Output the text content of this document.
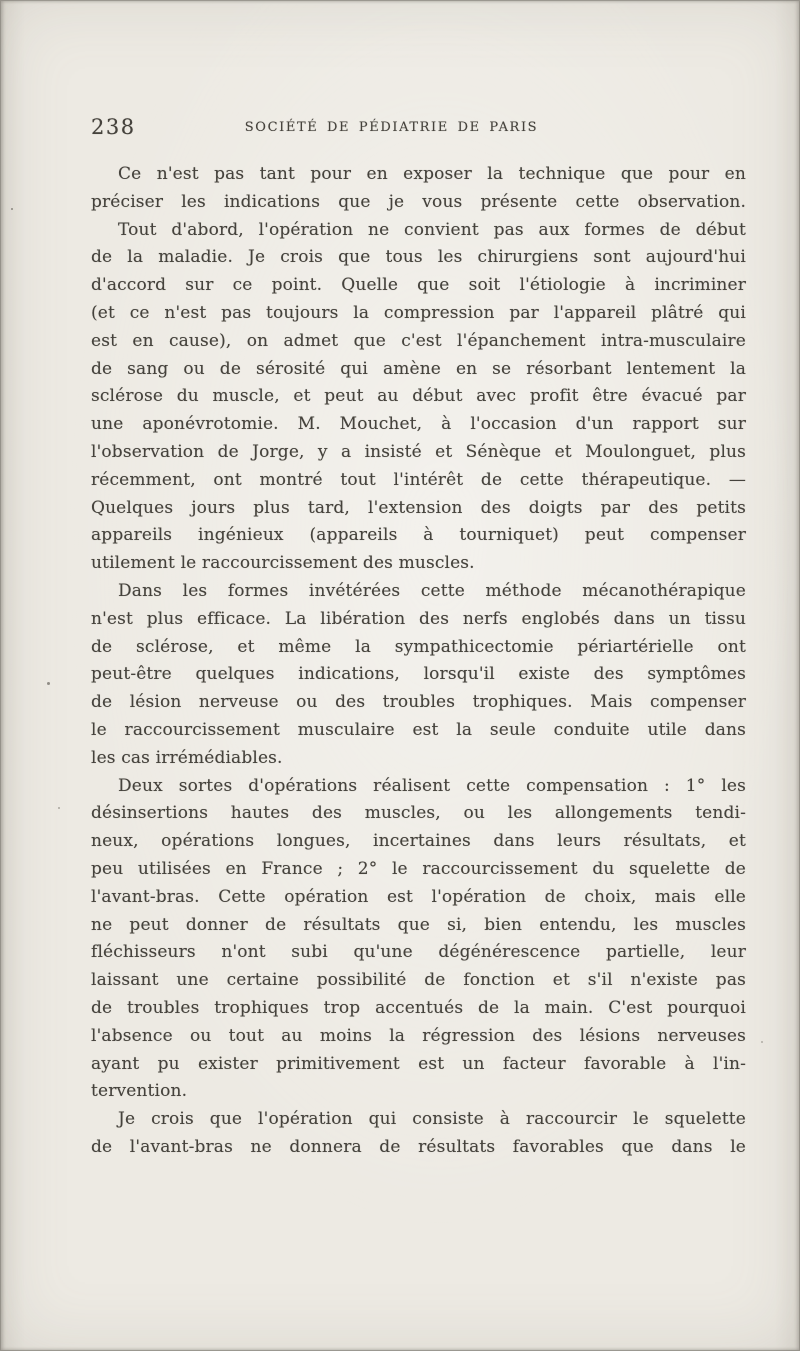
238	SOCIÉTÉ DE PÉDIATRIE DE PARIS
Ce n'est pas tant pour en exposer la technique que pour en
préciser les indications que je vous présente cette observation.
Tout d'abord, l'opération ne convient pas aux formes de début
de la maladie. Je crois que tous les chirurgiens sont aujourd'hui
d'accord sur ce point. Quelle que soit l'étiologie à incriminer
(et ce n'est pas toujours la compression par l'appareil plâtré qui
est en cause), on admet que c'est l'épanchement intra-musculaire
de sang ou de sérosité qui amène en se résorbant lentement la
sclérose du muscle, et peut au début avec profit être évacué par
une aponévrotomie. M. Mouchet, à l'occasion d'un rapport sur
l'observation de Jorge, y a insisté et Sénèque et Moulonguet, plus
récemment, ont montré tout l'intérêt de cette thérapeutique. —
Quelques jours plus tard, l'extension des doigts par des petits
appareils ingénieux (appareils à tourniquet) peut compenser
utilement le raccourcissement des muscles.
Dans les formes invétérées cette méthode mécanothérapique
n'est plus efficace. La libération des nerfs englobés dans un tissu
de sclérose, et même la sympathicectomie périartérielle ont
peut-être quelques indications, lorsqu'il existe des symptômes
de lésion nerveuse ou des troubles trophiques. Mais compenser
le raccourcissement musculaire est la seule conduite utile dans
les cas irrémédiables.
Deux sortes d'opérations réalisent cette compensation : 1° les
désinsertions hautes des muscles, ou les allongements tendi-
neux, opérations longues, incertaines dans leurs résultats, et
peu utilisées en France ; 2° le raccourcissement du squelette de
l'avant-bras. Cette opération est l'opération de choix, mais elle
ne peut donner de résultats que si, bien entendu, les muscles
fléchisseurs n'ont subi qu'une dégénérescence partielle, leur
laissant une certaine possibilité de fonction et s'il n'existe pas
de troubles trophiques trop accentués de la main. C'est pourquoi
l'absence ou tout au moins la régression des lésions nerveuses
ayant pu exister primitivement est un facteur favorable à l'in-
tervention.
Je crois que l'opération qui consiste à raccourcir le squelette
de l'avant-bras ne donnera de résultats favorables que dans le
